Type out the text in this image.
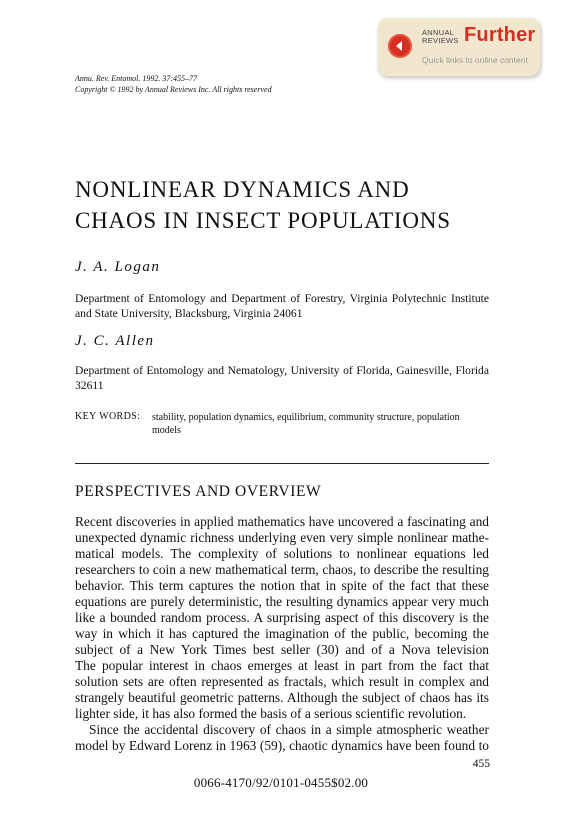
ANNUAL
REVIEWS Further
Quick links to online content
Annu. Rev. Entomol. 1992. 37:455–77
Copyright © 1992 by Annual Reviews Inc. All rights reserved
NONLINEAR DYNAMICS AND
CHAOS IN INSECT POPULATIONS
J. A. Logan
Department of Entomology and Department of Forestry, Virginia Polytechnic Institute and State University, Blacksburg, Virginia 24061
J. C. Allen
Department of Entomology and Nematology, University of Florida, Gainesville, Florida 32611
KEY WORDS: stability, population dynamics, equilibrium, community structure, population models
PERSPECTIVES AND OVERVIEW
Recent discoveries in applied mathematics have uncovered a fascinating and
unexpected dynamic richness underlying even very simple nonlinear mathe-
matical models. The complexity of solutions to nonlinear equations led
researchers to coin a new mathematical term, chaos, to describe the resulting
behavior. This term captures the notion that in spite of the fact that these
equations are purely deterministic, the resulting dynamics appear very much
like a bounded random process. A surprising aspect of this discovery is the
way in which it has captured the imagination of the public, becoming the
subject of a New York Times best seller (30) and of a Nova television
The popular interest in chaos emerges at least in part from the fact that
solution sets are often represented as fractals, which result in complex and
strangely beautiful geometric patterns. Although the subject of chaos has its
lighter side, it has also formed the basis of a serious scientific revolution.
Since the accidental discovery of chaos in a simple atmospheric weather
model by Edward Lorenz in 1963 (59), chaotic dynamics have been found to
455
0066-4170/92/0101-0455$02.00
